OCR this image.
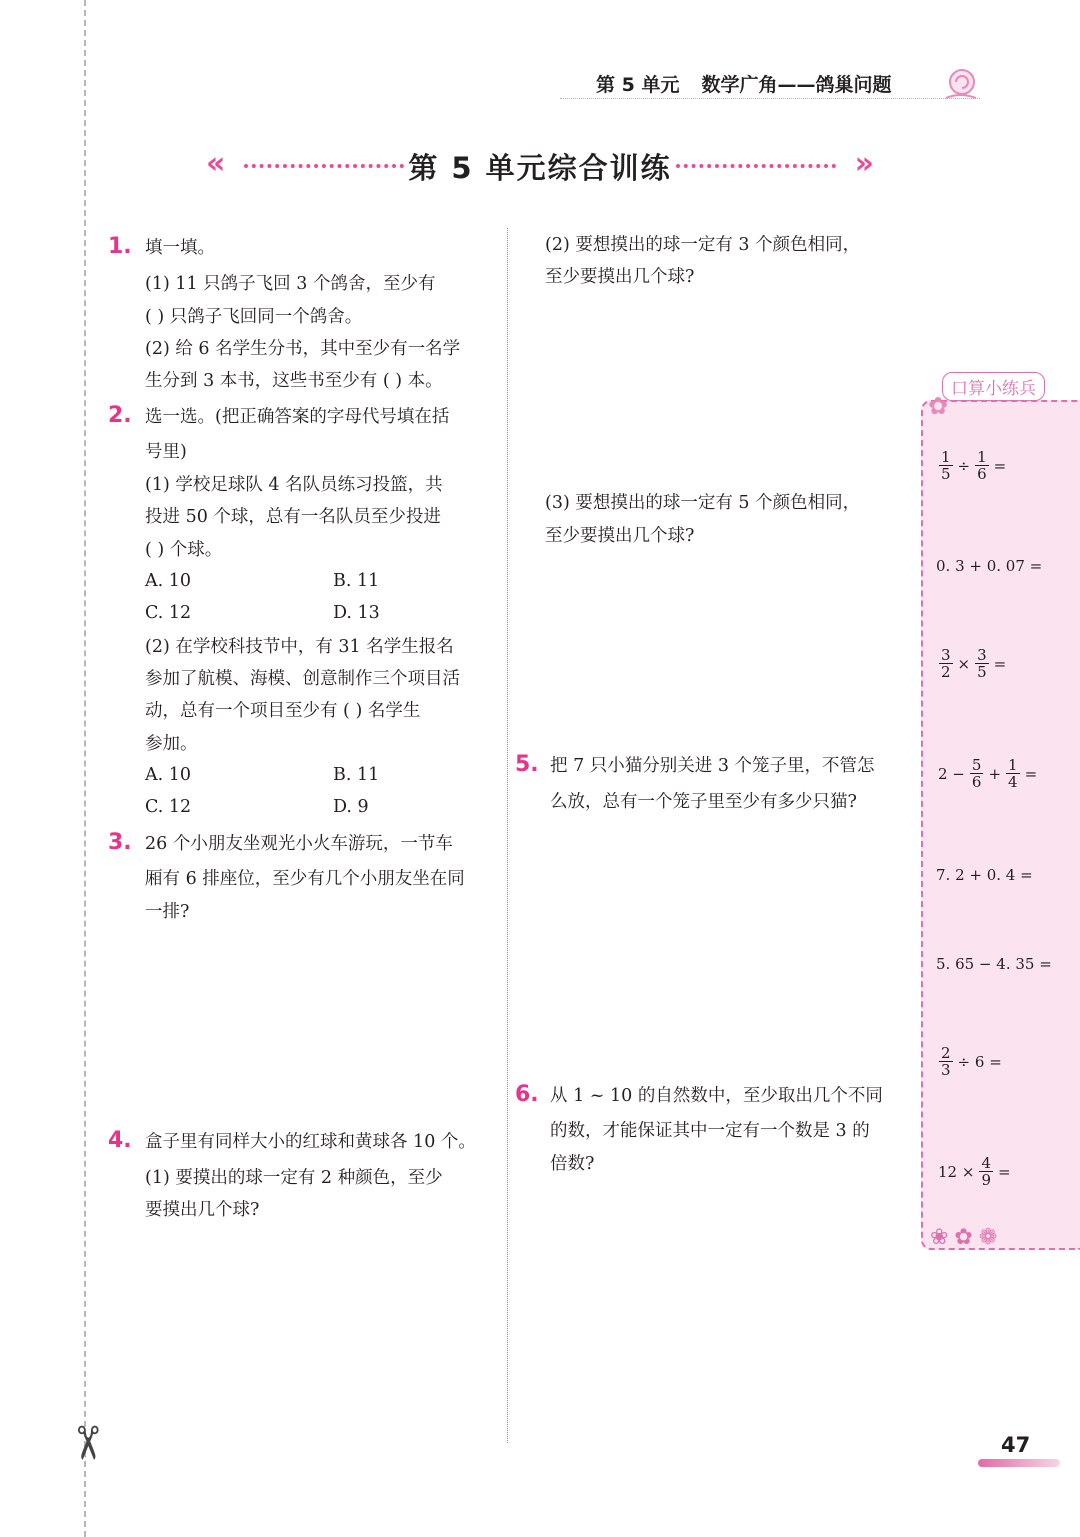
✂
第 5 单元 数学广角——鸽巢问题
«	第 5 单元综合训练	»
1. 填一填。
(1) 11 只鸽子飞回 3 个鸽舍，至少有
( ) 只鸽子飞回同一个鸽舍。
(2) 给 6 名学生分书，其中至少有一名学
生分到 3 本书，这些书至少有 ( ) 本。
2. 选一选。(把正确答案的字母代号填在括
号里)
(1) 学校足球队 4 名队员练习投篮，共
投进 50 个球，总有一名队员至少投进
( ) 个球。
A. 10	B. 11
C. 12	D. 13
(2) 在学校科技节中，有 31 名学生报名
参加了航模、海模、创意制作三个项目活
动，总有一个项目至少有 ( ) 名学生
参加。
A. 10	B. 11
C. 12	D. 9
3. 26 个小朋友坐观光小火车游玩，一节车
厢有 6 排座位，至少有几个小朋友坐在同
一排?
4. 盒子里有同样大小的红球和黄球各 10 个。
(1) 要摸出的球一定有 2 种颜色，至少
要摸出几个球?
(2) 要想摸出的球一定有 3 个颜色相同，
至少要摸出几个球?
(3) 要想摸出的球一定有 5 个颜色相同，
至少要摸出几个球?
5. 把 7 只小猫分别关进 3 个笼子里，不管怎
么放，总有一个笼子里至少有多少只猫?
6. 从 1 ~ 10 的自然数中，至少取出几个不同
的数，才能保证其中一定有一个数是 3 的
倍数?
口算小练兵
✿
$\frac{1}{5} \div \frac{1}{6}$ =
0. 3 + 0. 07 =
$\frac{3}{2} \times \frac{3}{5}$ =
$2 - \frac{5}{6} + \frac{1}{4}$ =
7. 2 + 0. 4 =
5. 65 − 4. 35 =
$\frac{2}{3} \div 6$ =
$12 \times \frac{4}{9}$ =
❀✿❁
47
